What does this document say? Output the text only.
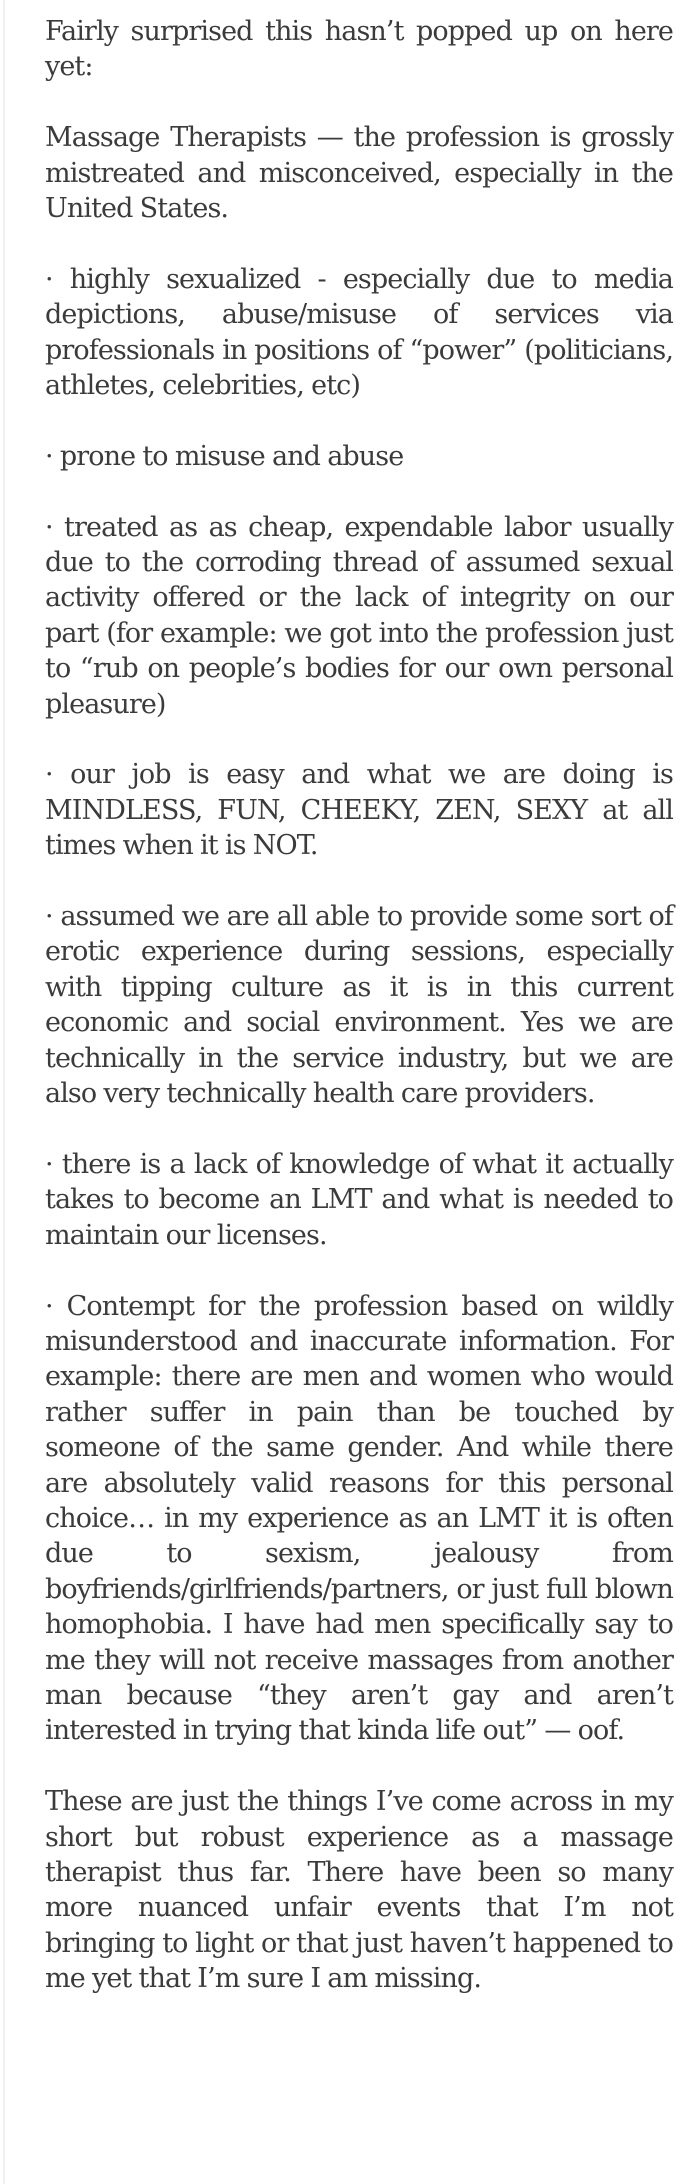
Fairly surprised this hasn’t popped up on here yet:

Massage Therapists — the profession is grossly mistreated and misconceived, especially in the United States.

· highly sexualized - especially due to media depictions, abuse/misuse of services via professionals in positions of “power” (politicians, athletes, celebrities, etc)

· prone to misuse and abuse

· treated as as cheap, expendable labor usually due to the corroding thread of assumed sexual activity offered or the lack of integrity on our part (for example: we got into the profession just to “rub on people’s bodies for our own personal pleasure)

· our job is easy and what we are doing is MINDLESS, FUN, CHEEKY, ZEN, SEXY at all times when it is NOT.

· assumed we are all able to provide some sort of erotic experience during sessions, especially with tipping culture as it is in this current economic and social environment. Yes we are technically in the service industry, but we are also very technically health care providers.

· there is a lack of knowledge of what it actually takes to become an LMT and what is needed to maintain our licenses.

· Contempt for the profession based on wildly misunderstood and inaccurate information. For example: there are men and women who would rather suffer in pain than be touched by someone of the same gender. And while there are absolutely valid reasons for this personal choice… in my experience as an LMT it is often due to sexism, jealousy from boyfriends/girlfriends/partners, or just full blown homophobia. I have had men specifically say to me they will not receive massages from another man because “they aren’t gay and aren’t interested in trying that kinda life out” — oof.

These are just the things I’ve come across in my short but robust experience as a massage therapist thus far. There have been so many more nuanced unfair events that I’m not bringing to light or that just haven’t happened to me yet that I’m sure I am missing.
